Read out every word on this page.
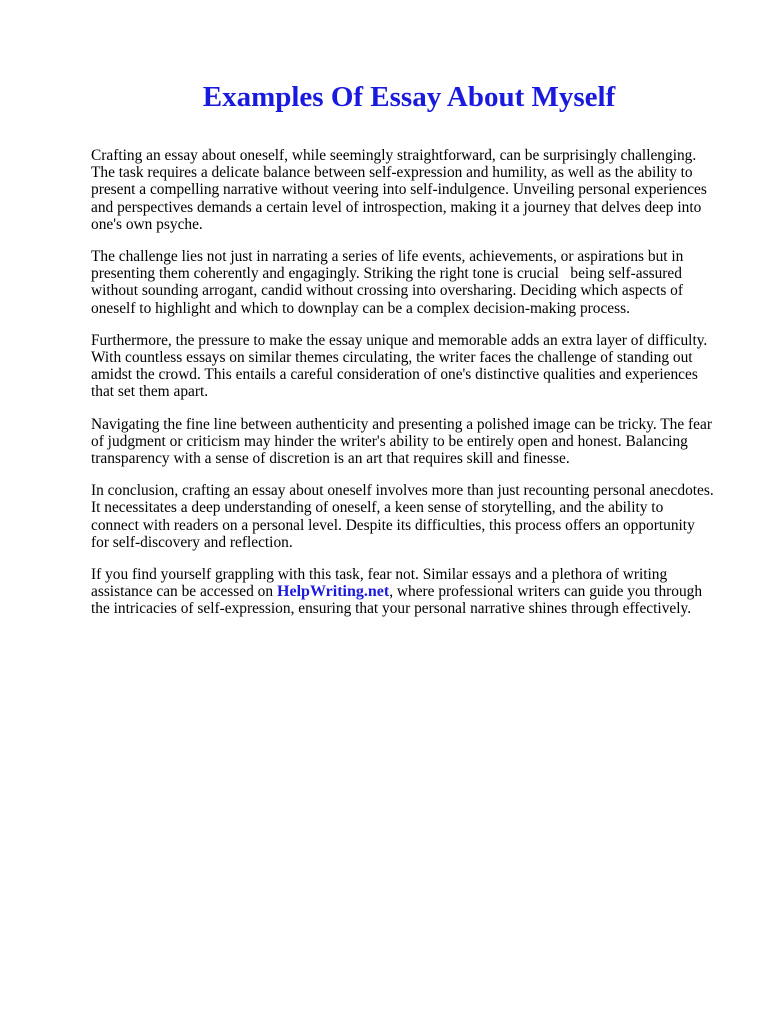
Examples Of Essay About Myself

Crafting an essay about oneself, while seemingly straightforward, can be surprisingly challenging.
The task requires a delicate balance between self-expression and humility, as well as the ability to
present a compelling narrative without veering into self-indulgence. Unveiling personal experiences
and perspectives demands a certain level of introspection, making it a journey that delves deep into
one's own psyche.

The challenge lies not just in narrating a series of life events, achievements, or aspirations but in
presenting them coherently and engagingly. Striking the right tone is crucial   being self-assured
without sounding arrogant, candid without crossing into oversharing. Deciding which aspects of
oneself to highlight and which to downplay can be a complex decision-making process.

Furthermore, the pressure to make the essay unique and memorable adds an extra layer of difficulty.
With countless essays on similar themes circulating, the writer faces the challenge of standing out
amidst the crowd. This entails a careful consideration of one's distinctive qualities and experiences
that set them apart.

Navigating the fine line between authenticity and presenting a polished image can be tricky. The fear
of judgment or criticism may hinder the writer's ability to be entirely open and honest. Balancing
transparency with a sense of discretion is an art that requires skill and finesse.

In conclusion, crafting an essay about oneself involves more than just recounting personal anecdotes.
It necessitates a deep understanding of oneself, a keen sense of storytelling, and the ability to
connect with readers on a personal level. Despite its difficulties, this process offers an opportunity
for self-discovery and reflection.

If you find yourself grappling with this task, fear not. Similar essays and a plethora of writing
assistance can be accessed on HelpWriting.net, where professional writers can guide you through
the intricacies of self-expression, ensuring that your personal narrative shines through effectively.
